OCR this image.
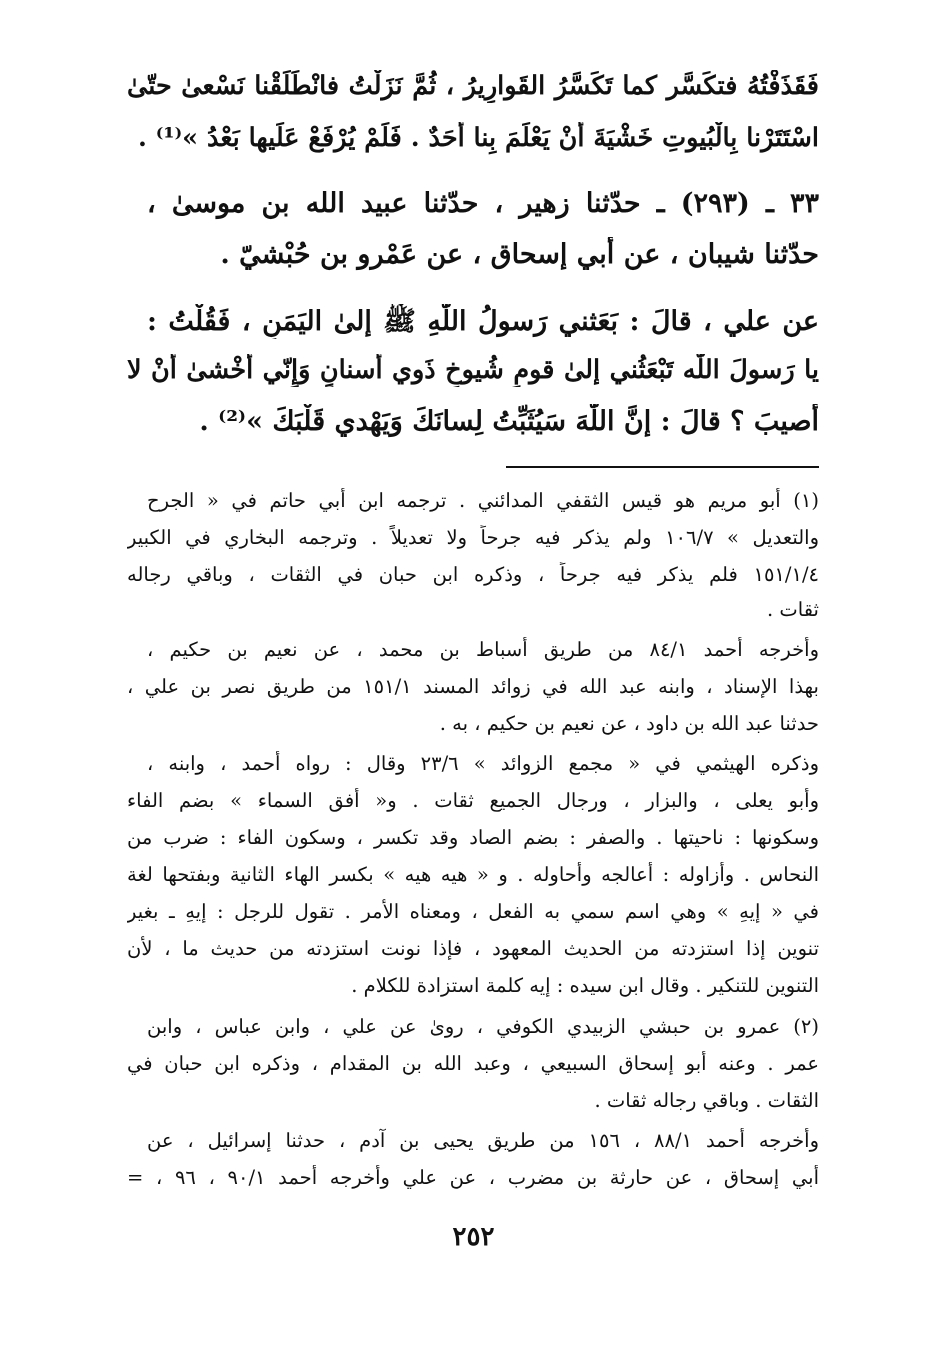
فَقَذَفْتُهُ فتكَسَّر كما تَكَسَّرُ القَوارِيرُ ، ثُمَّ نَزَلْتُ فانْطَلَقْنا نَسْعىٰ حتّىٰ
اسْتَتَرْنا بِالْبُيوتِ خَشْيَةَ أَنْ يَعْلَمَ بِنا أَحَدٌ . فَلَمْ يُرْفَعْ عَلَيها بَعْدُ »⁽¹⁾ .
٣٣ ـ (٢٩٣) ـ حدّثنا زهير ، حدّثنا عبيد الله بن موسىٰ ،
حدّثنا شيبان ، عن أبي إسحاق ، عن عَمْرو بن حُبْشيّ .
عن علي ، قالَ : بَعَثني رَسولُ اللّٰهِ ﷺ إلىٰ اليَمَنِ ، فَقُلْتُ :
يا رَسولَ اللّٰه تَبْعَثُني إلىٰ قومٍ شُيوخٍ ذَوي أسنانٍ وَإِنّي أَخْشىٰ أَنْ لا
أُصيبَ ؟ قالَ : إنَّ اللّٰهَ سَيُثَبِّتُ لِسانَكَ وَيَهْدي قَلْبَكَ »⁽²⁾ .
(١) أبو مريم هو قيس الثقفي المدائني . ترجمه ابن أبي حاتم في « الجرح
والتعديل » ١٠٦/٧ ولم يذكر فيه جرحاً ولا تعديلاً . وترجمه البخاري في الكبير
١٥١/١/٤ فلم يذكر فيه جرحاً ، وذكره ابن حبان في الثقات ، وباقي رجاله
ثقات .
وأخرجه أحمد ٨٤/١ من طريق أسباط بن محمد ، عن نعيم بن حكيم ،
بهذا الإسناد ، وابنه عبد الله في زوائد المسند ١٥١/١ من طريق نصر بن علي ،
حدثنا عبد الله بن داود ، عن نعيم بن حكيم ، به .
وذكره الهيثمي في « مجمع الزوائد » ٢٣/٦ وقال : رواه أحمد ، وابنه ،
وأبو يعلى ، والبزار ، ورجال الجميع ثقات . و« أفق السماء » بضم الفاء
وسكونها : ناحيتها . والصفر : بضم الصاد وقد تكسر ، وسكون الفاء : ضرب من
النحاس . وأزاوله : أعالجه وأحاوله . و « هيه هيه » بكسر الهاء الثانية وبفتحها لغة
في « إيهِ » وهي اسم سمي به الفعل ، ومعناه الأمر . تقول للرجل : إيهِ ـ بغير
تنوين إذا استزدته من الحديث المعهود ، فإذا نونت استزدته من حديث ما ، لأن
التنوين للتنكير . وقال ابن سيده : إيه كلمة استزادة للكلام .
(٢) عمرو بن حبشي الزبيدي الكوفي ، روىٰ عن علي ، وابن عباس ، وابن
عمر . وعنه أبو إسحاق السبيعي ، وعبد الله بن المقدام ، وذكره ابن حبان في
الثقات . وباقي رجاله ثقات .
وأخرجه أحمد ٨٨/١ ، ١٥٦ من طريق يحيى بن آدم ، حدثنا إسرائيل ، عن
أبي إسحاق ، عن حارثة بن مضرب ، عن علي وأخرجه أحمد ٩٠/١ ، ٩٦ ، =
٢٥٢
